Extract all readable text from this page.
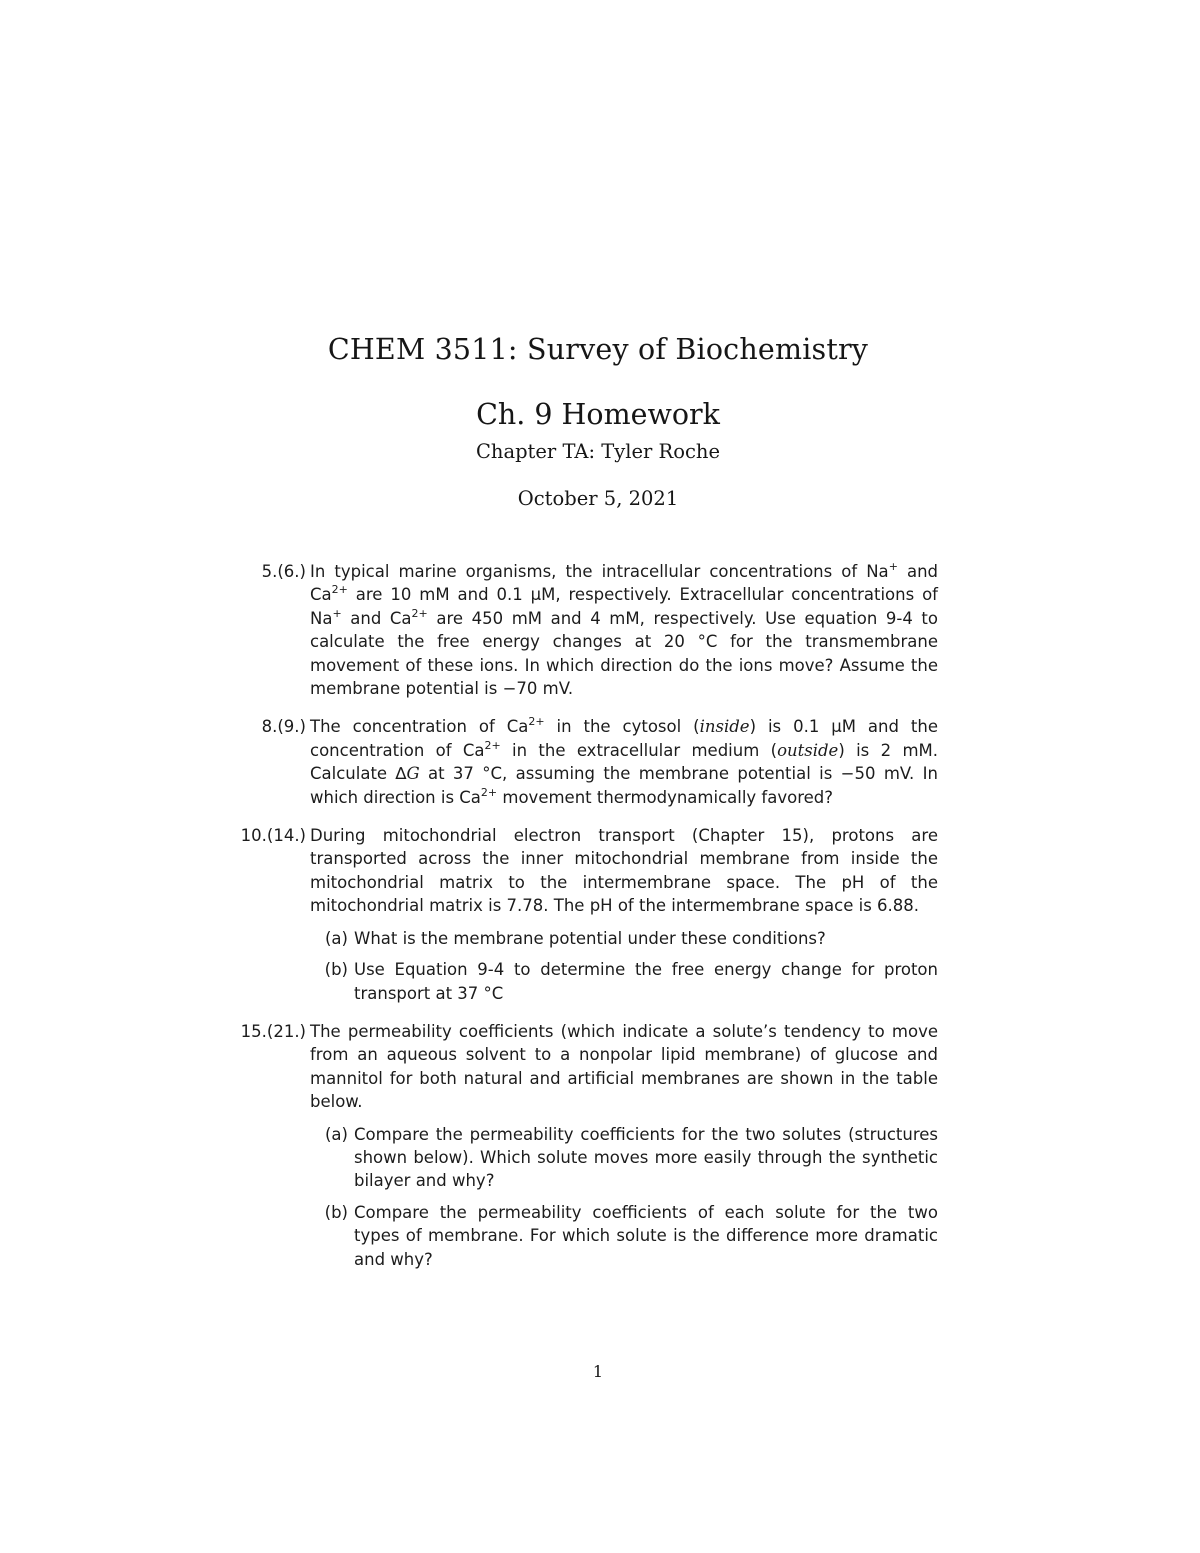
CHEM 3511: Survey of Biochemistry
Ch. 9 Homework
Chapter TA: Tyler Roche
October 5, 2021
5.(6.) In typical marine organisms, the intracellular concentrations of Na+ and $Ca^{2+}$ are 10 mM and 0.1 µM, respectively. Extracellular concentrations of Na+ and $Ca^{2+}$ are 450 mM and 4 mM, respectively. Use equation 9-4 to calculate the free energy changes at 20 °C for the transmembrane movement of these ions. In which direction do the ions move? Assume the membrane potential is −70 mV.
8.(9.) The concentration of $Ca^{2+}$ in the cytosol (inside) is 0.1 µM and the concentration of $Ca^{2+}$ in the extracellular medium (outside) is 2 mM. Calculate ∆G at 37 °C, assuming the membrane potential is −50 mV. In which direction is $Ca^{2+}$ movement thermodynamically favored?
10.(14.) During mitochondrial electron transport (Chapter 15), protons are transported across the inner mitochondrial membrane from inside the mitochondrial matrix to the intermembrane space. The pH of the mitochondrial matrix is 7.78. The pH of the intermembrane space is 6.88.
(a) What is the membrane potential under these conditions?
(b) Use Equation 9-4 to determine the free energy change for proton transport at 37 °C
15.(21.) The permeability coefficients (which indicate a solute’s tendency to move from an aqueous solvent to a nonpolar lipid membrane) of glucose and mannitol for both natural and artificial membranes are shown in the table below.
(a) Compare the permeability coefficients for the two solutes (structures shown below). Which solute moves more easily through the synthetic bilayer and why?
(b) Compare the permeability coefficients of each solute for the two types of membrane. For which solute is the difference more dramatic and why?
1
